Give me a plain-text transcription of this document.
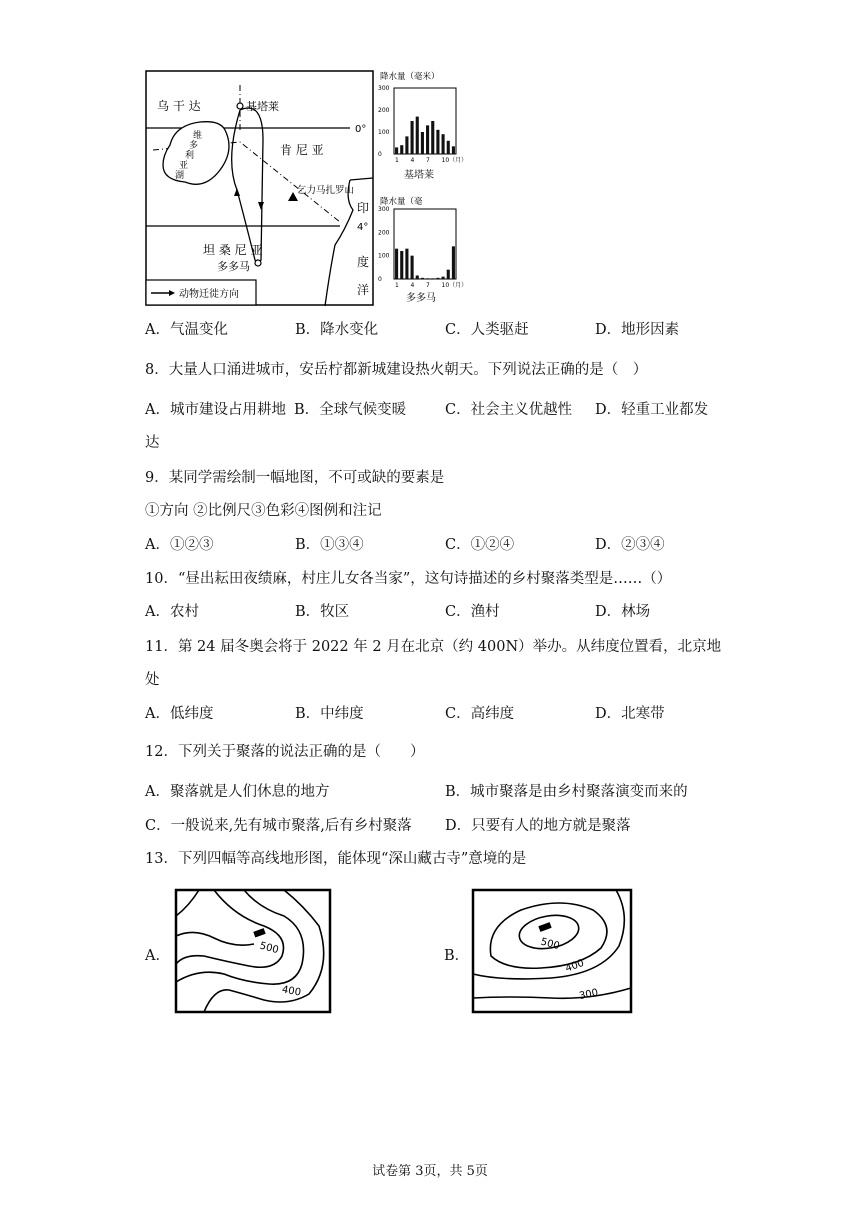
乌 干 达	基塔莱
肯 尼 亚
坦 桑 尼 亚
多多马
乞力马扎罗山
0°
4°
维
多
利
亚
湖
印
度
洋
动物迁徙方向
降水量（毫米）
300
200
100
0
1 4 7 10（月）
基塔莱
降水量（毫
300
200
100
0
1 4 7 10（月）
多多马
A．气温变化	B．降水变化	C．人类驱赶	D．地形因素
8．大量人口涌进城市，安岳柠都新城建设热火朝天。下列说法正确的是（　）
A．城市建设占用耕地 B．全球气候变暖	C．社会主义优越性 D．轻重工业都发
达
9．某同学需绘制一幅地图，不可或缺的要素是
①方向 ②比例尺③色彩④图例和注记
A．①②③	B．①③④	C．①②④	D．②③④
10．“昼出耘田夜绩麻，村庄儿女各当家”，这句诗描述的乡村聚落类型是……（）
A．农村	B．牧区	C．渔村	D．林场
11．第 24 届冬奥会将于 2022 年 2 月在北京（约 400N）举办。从纬度位置看，北京地
处
A．低纬度	B．中纬度	C．高纬度	D．北寒带
12．下列关于聚落的说法正确的是（　　）
A．聚落就是人们休息的地方	B．城市聚落是由乡村聚落演变而来的
C．一般说来,先有城市聚落,后有乡村聚落 D．只要有人的地方就是聚落
13．下列四幅等高线地形图，能体现“深山藏古寺”意境的是
A．	500
400
B．
500
400
300
试卷第 3页，共 5页
